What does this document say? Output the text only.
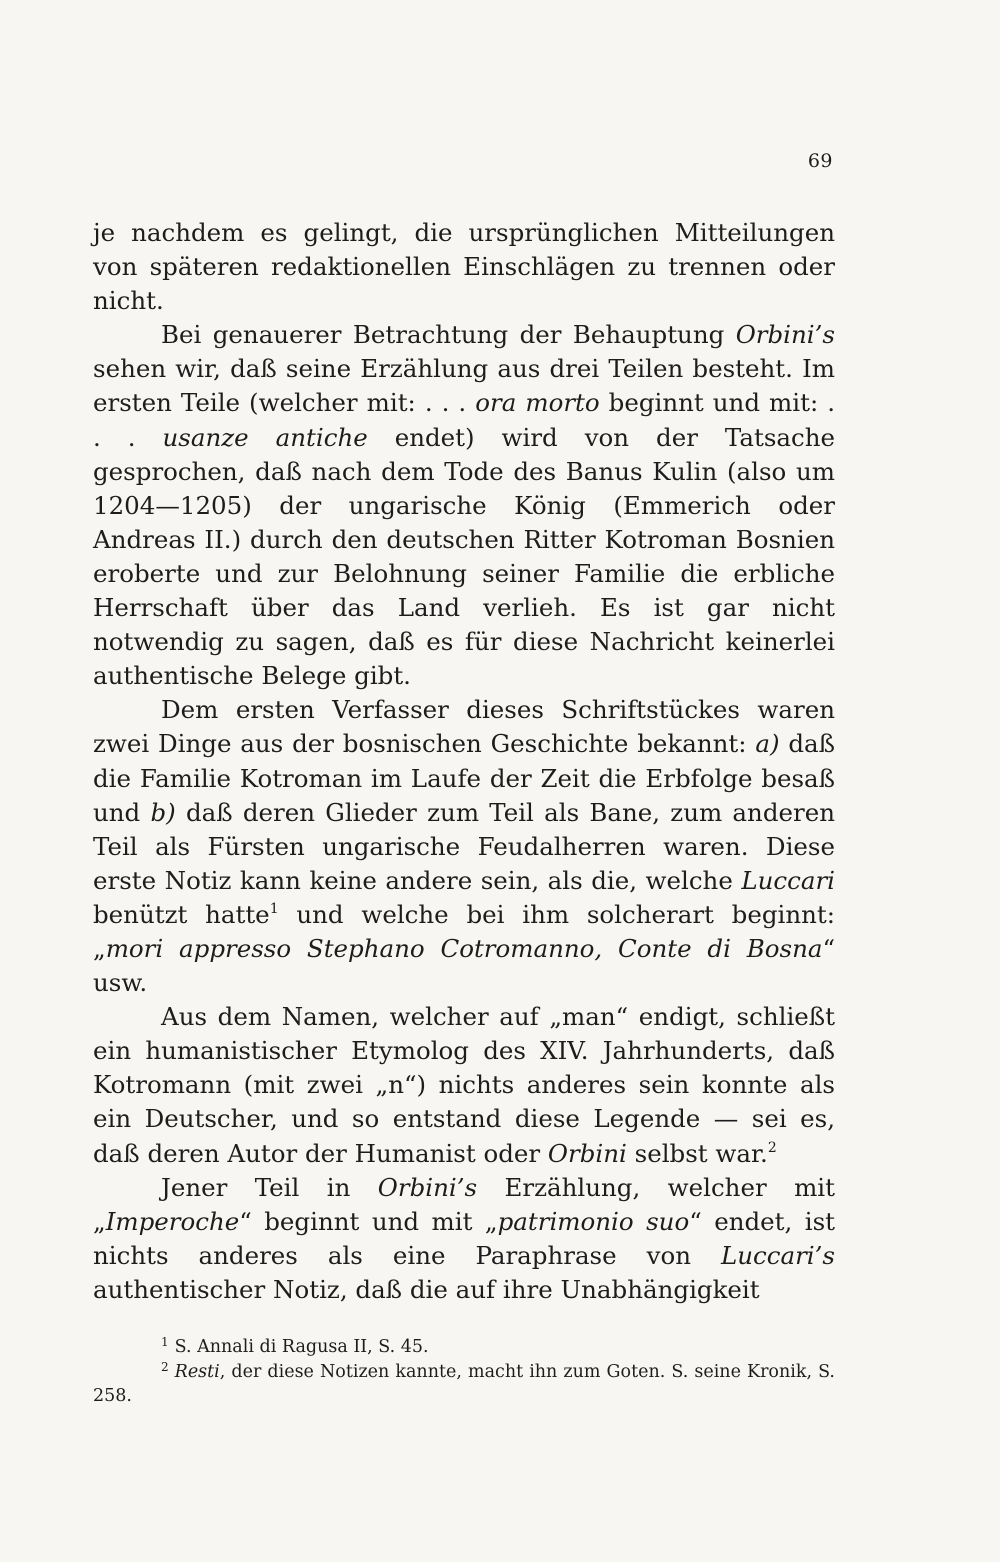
69

je nachdem es gelingt, die ursprünglichen Mitteilungen von späteren redaktionellen Einschlägen zu trennen oder nicht.

Bei genauerer Betrachtung der Behauptung Orbini’s sehen wir, daß seine Erzählung aus drei Teilen besteht. Im ersten Teile (welcher mit: . . . ora morto beginnt und mit: . . . usanze antiche endet) wird von der Tatsache gesprochen, daß nach dem Tode des Banus Kulin (also um 1204—1205) der ungarische König (Emmerich oder Andreas II.) durch den deutschen Ritter Kotroman Bosnien eroberte und zur Belohnung seiner Familie die erbliche Herrschaft über das Land verlieh. Es ist gar nicht notwendig zu sagen, daß es für diese Nachricht keinerlei authentische Belege gibt.

Dem ersten Verfasser dieses Schriftstückes waren zwei Dinge aus der bosnischen Geschichte bekannt: a) daß die Familie Kotroman im Laufe der Zeit die Erbfolge besaß und b) daß deren Glieder zum Teil als Bane, zum anderen Teil als Fürsten ungarische Feudalherren waren. Diese erste Notiz kann keine andere sein, als die, welche Luccari benützt hatte$^1$ und welche bei ihm solcherart beginnt: „mori appresso Stephano Cotromanno, Conte di Bosna“ usw.

Aus dem Namen, welcher auf „man“ endigt, schließt ein humanistischer Etymolog des XIV. Jahrhunderts, daß Kotromann (mit zwei „n“) nichts anderes sein konnte als ein Deutscher, und so entstand diese Legende — sei es, daß deren Autor der Humanist oder Orbini selbst war.$^2$

Jener Teil in Orbini’s Erzählung, welcher mit „Imperoche“ beginnt und mit „patrimonio suo“ endet, ist nichts anderes als eine Paraphrase von Luccari’s authentischer Notiz, daß die auf ihre Unabhängigkeit

$^1$ S. Annali di Ragusa II, S. 45.

$^2$ Resti, der diese Notizen kannte, macht ihn zum Goten. S. seine Kronik, S. 258.
